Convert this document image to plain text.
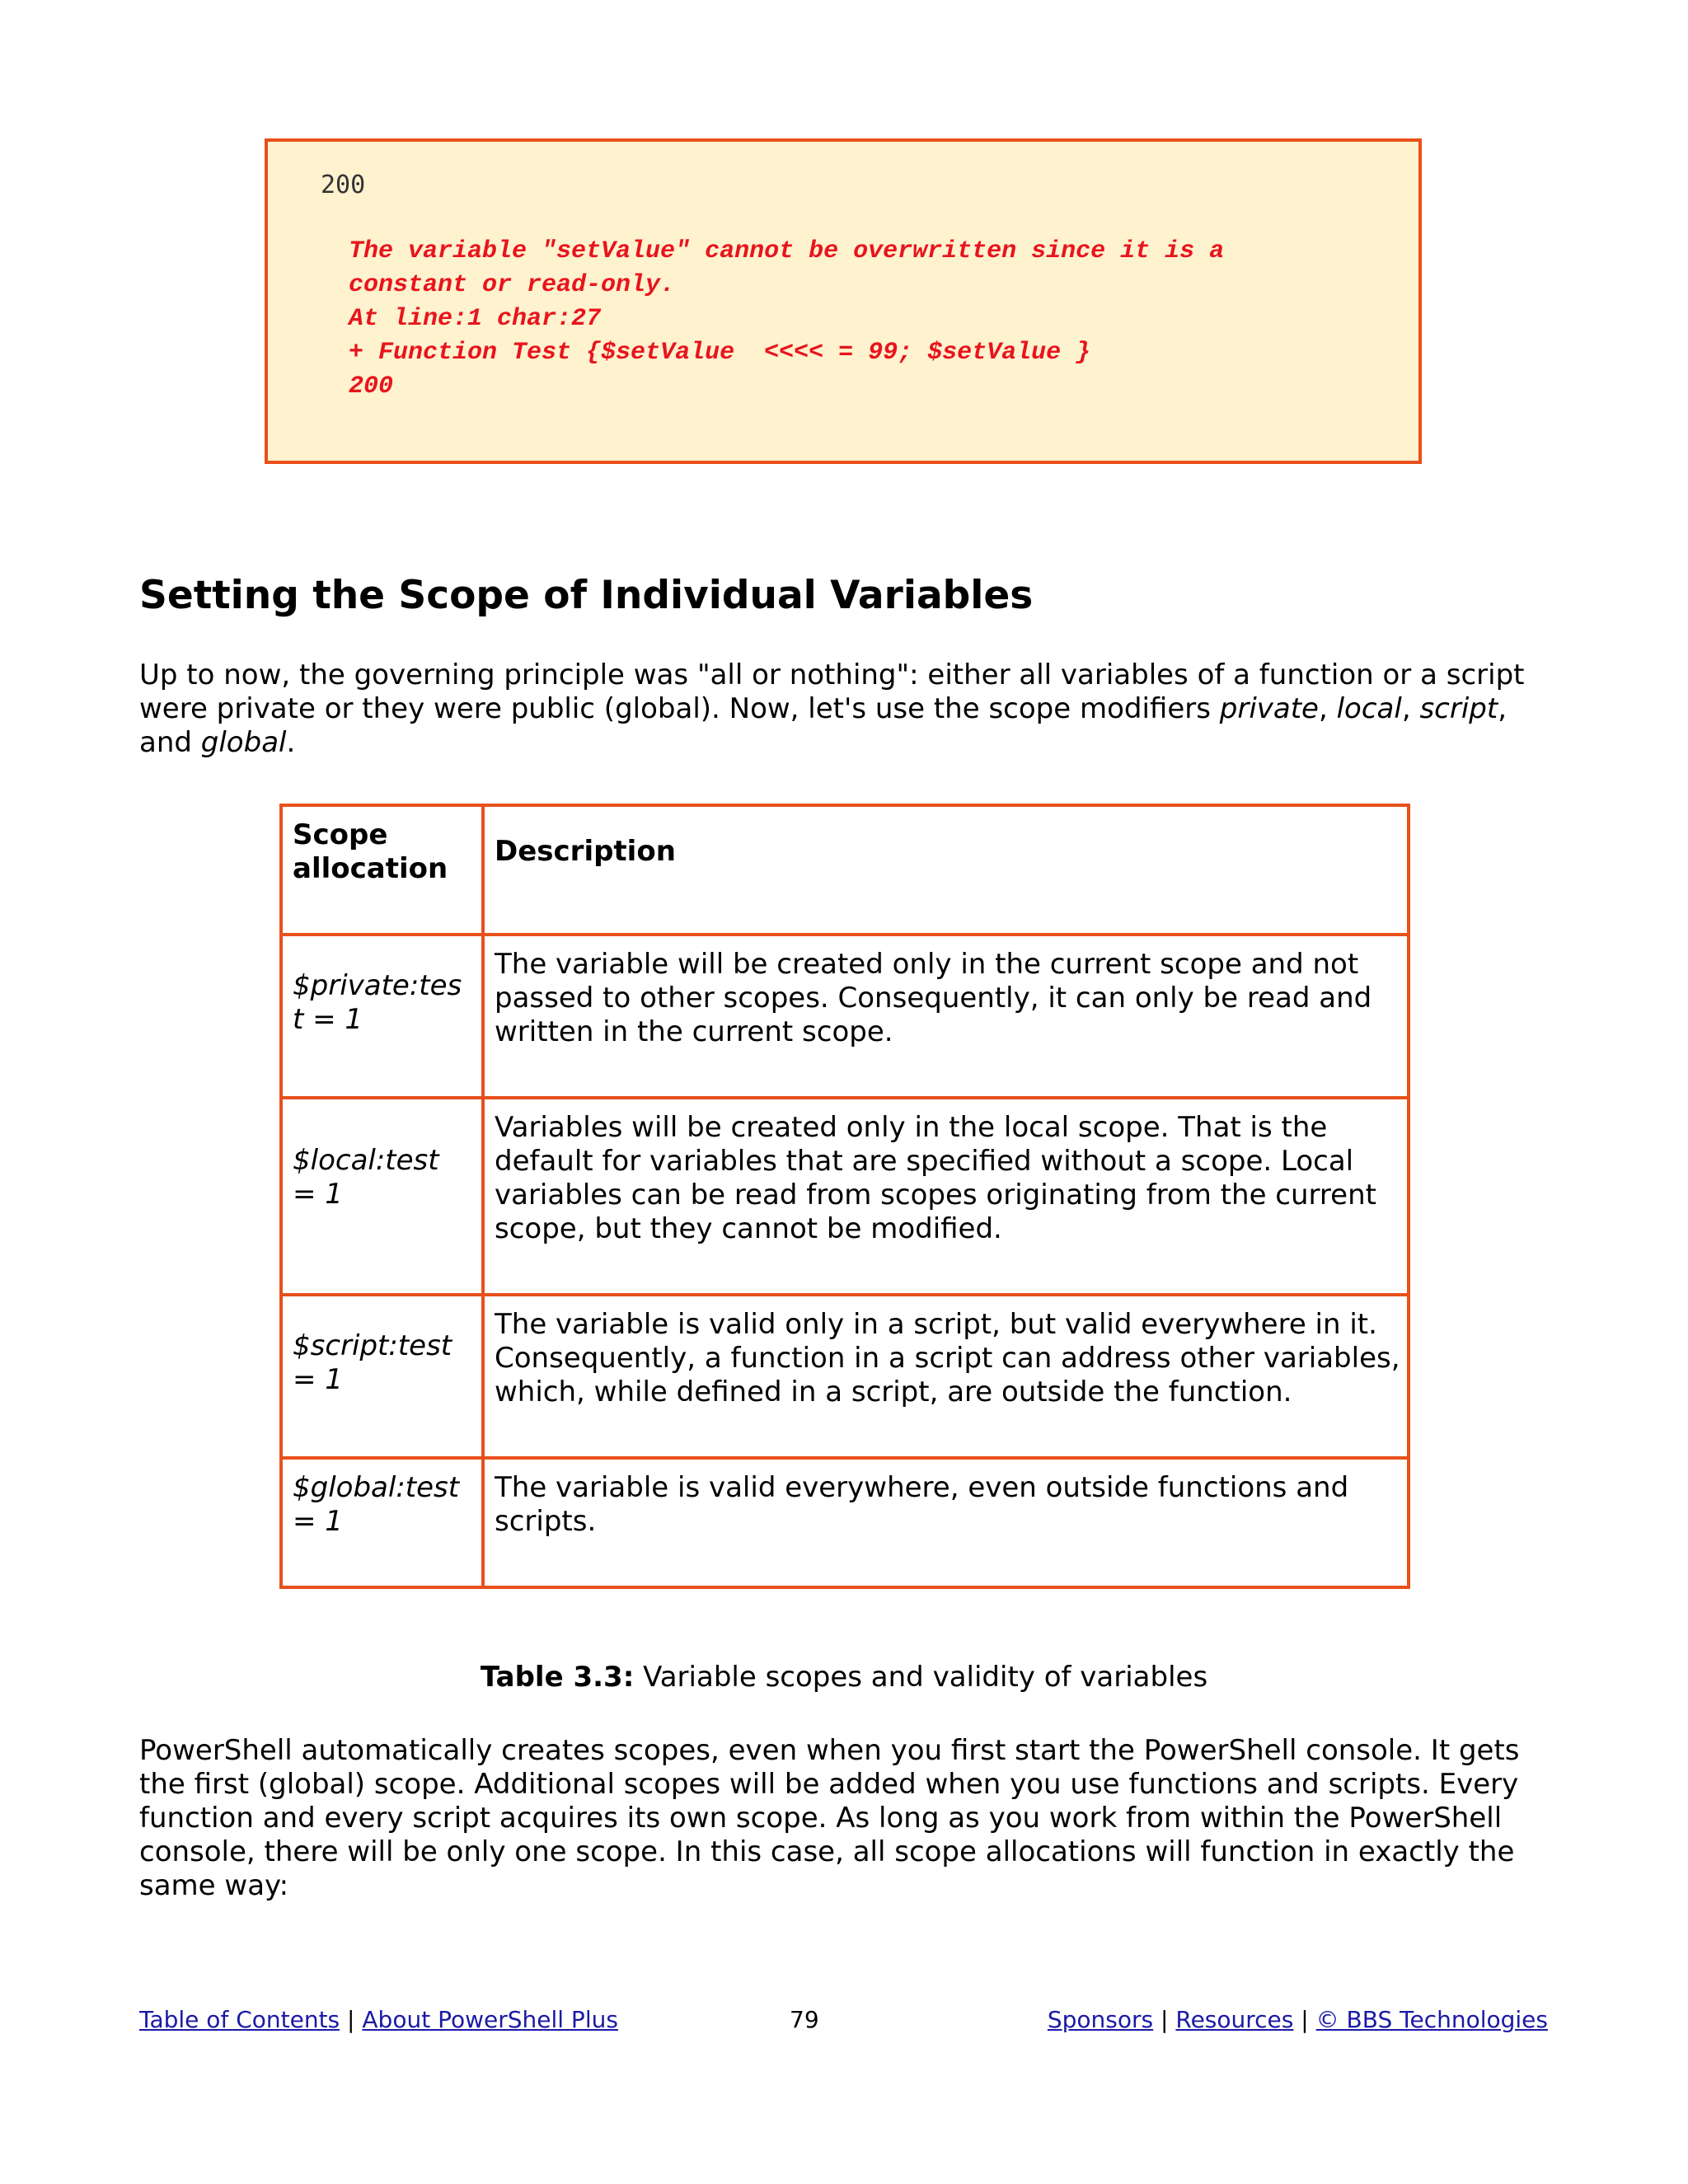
200
The variable "setValue" cannot be overwritten since it is a
constant or read-only.
At line:1 char:27
+ Function Test {$setValue  <<<< = 99; $setValue }
200
Setting the Scope of Individual Variables
Up to now, the governing principle was "all or nothing": either all variables of a function or a script
were private or they were public (global). Now, let's use the scope modifiers private, local, script,
and global.
Scope
allocation	Description

$private:tes
t = 1	The variable will be created only in the current scope and not
passed to other scopes. Consequently, it can only be read and
written in the current scope.

$local:test
= 1	Variables will be created only in the local scope. That is the
default for variables that are specified without a scope. Local
variables can be read from scopes originating from the current
scope, but they cannot be modified.

$script:test
= 1	The variable is valid only in a script, but valid everywhere in it.
Consequently, a function in a script can address other variables,
which, while defined in a script, are outside the function.

$global:test
= 1	The variable is valid everywhere, even outside functions and
scripts.

Table 3.3: Variable scopes and validity of variables

PowerShell automatically creates scopes, even when you first start the PowerShell console. It gets
the first (global) scope. Additional scopes will be added when you use functions and scripts. Every
function and every script acquires its own scope. As long as you work from within the PowerShell
console, there will be only one scope. In this case, all scope allocations will function in exactly the
same way:
Table of Contents | About PowerShell Plus	79	Sponsors | Resources | © BBS Technologies
